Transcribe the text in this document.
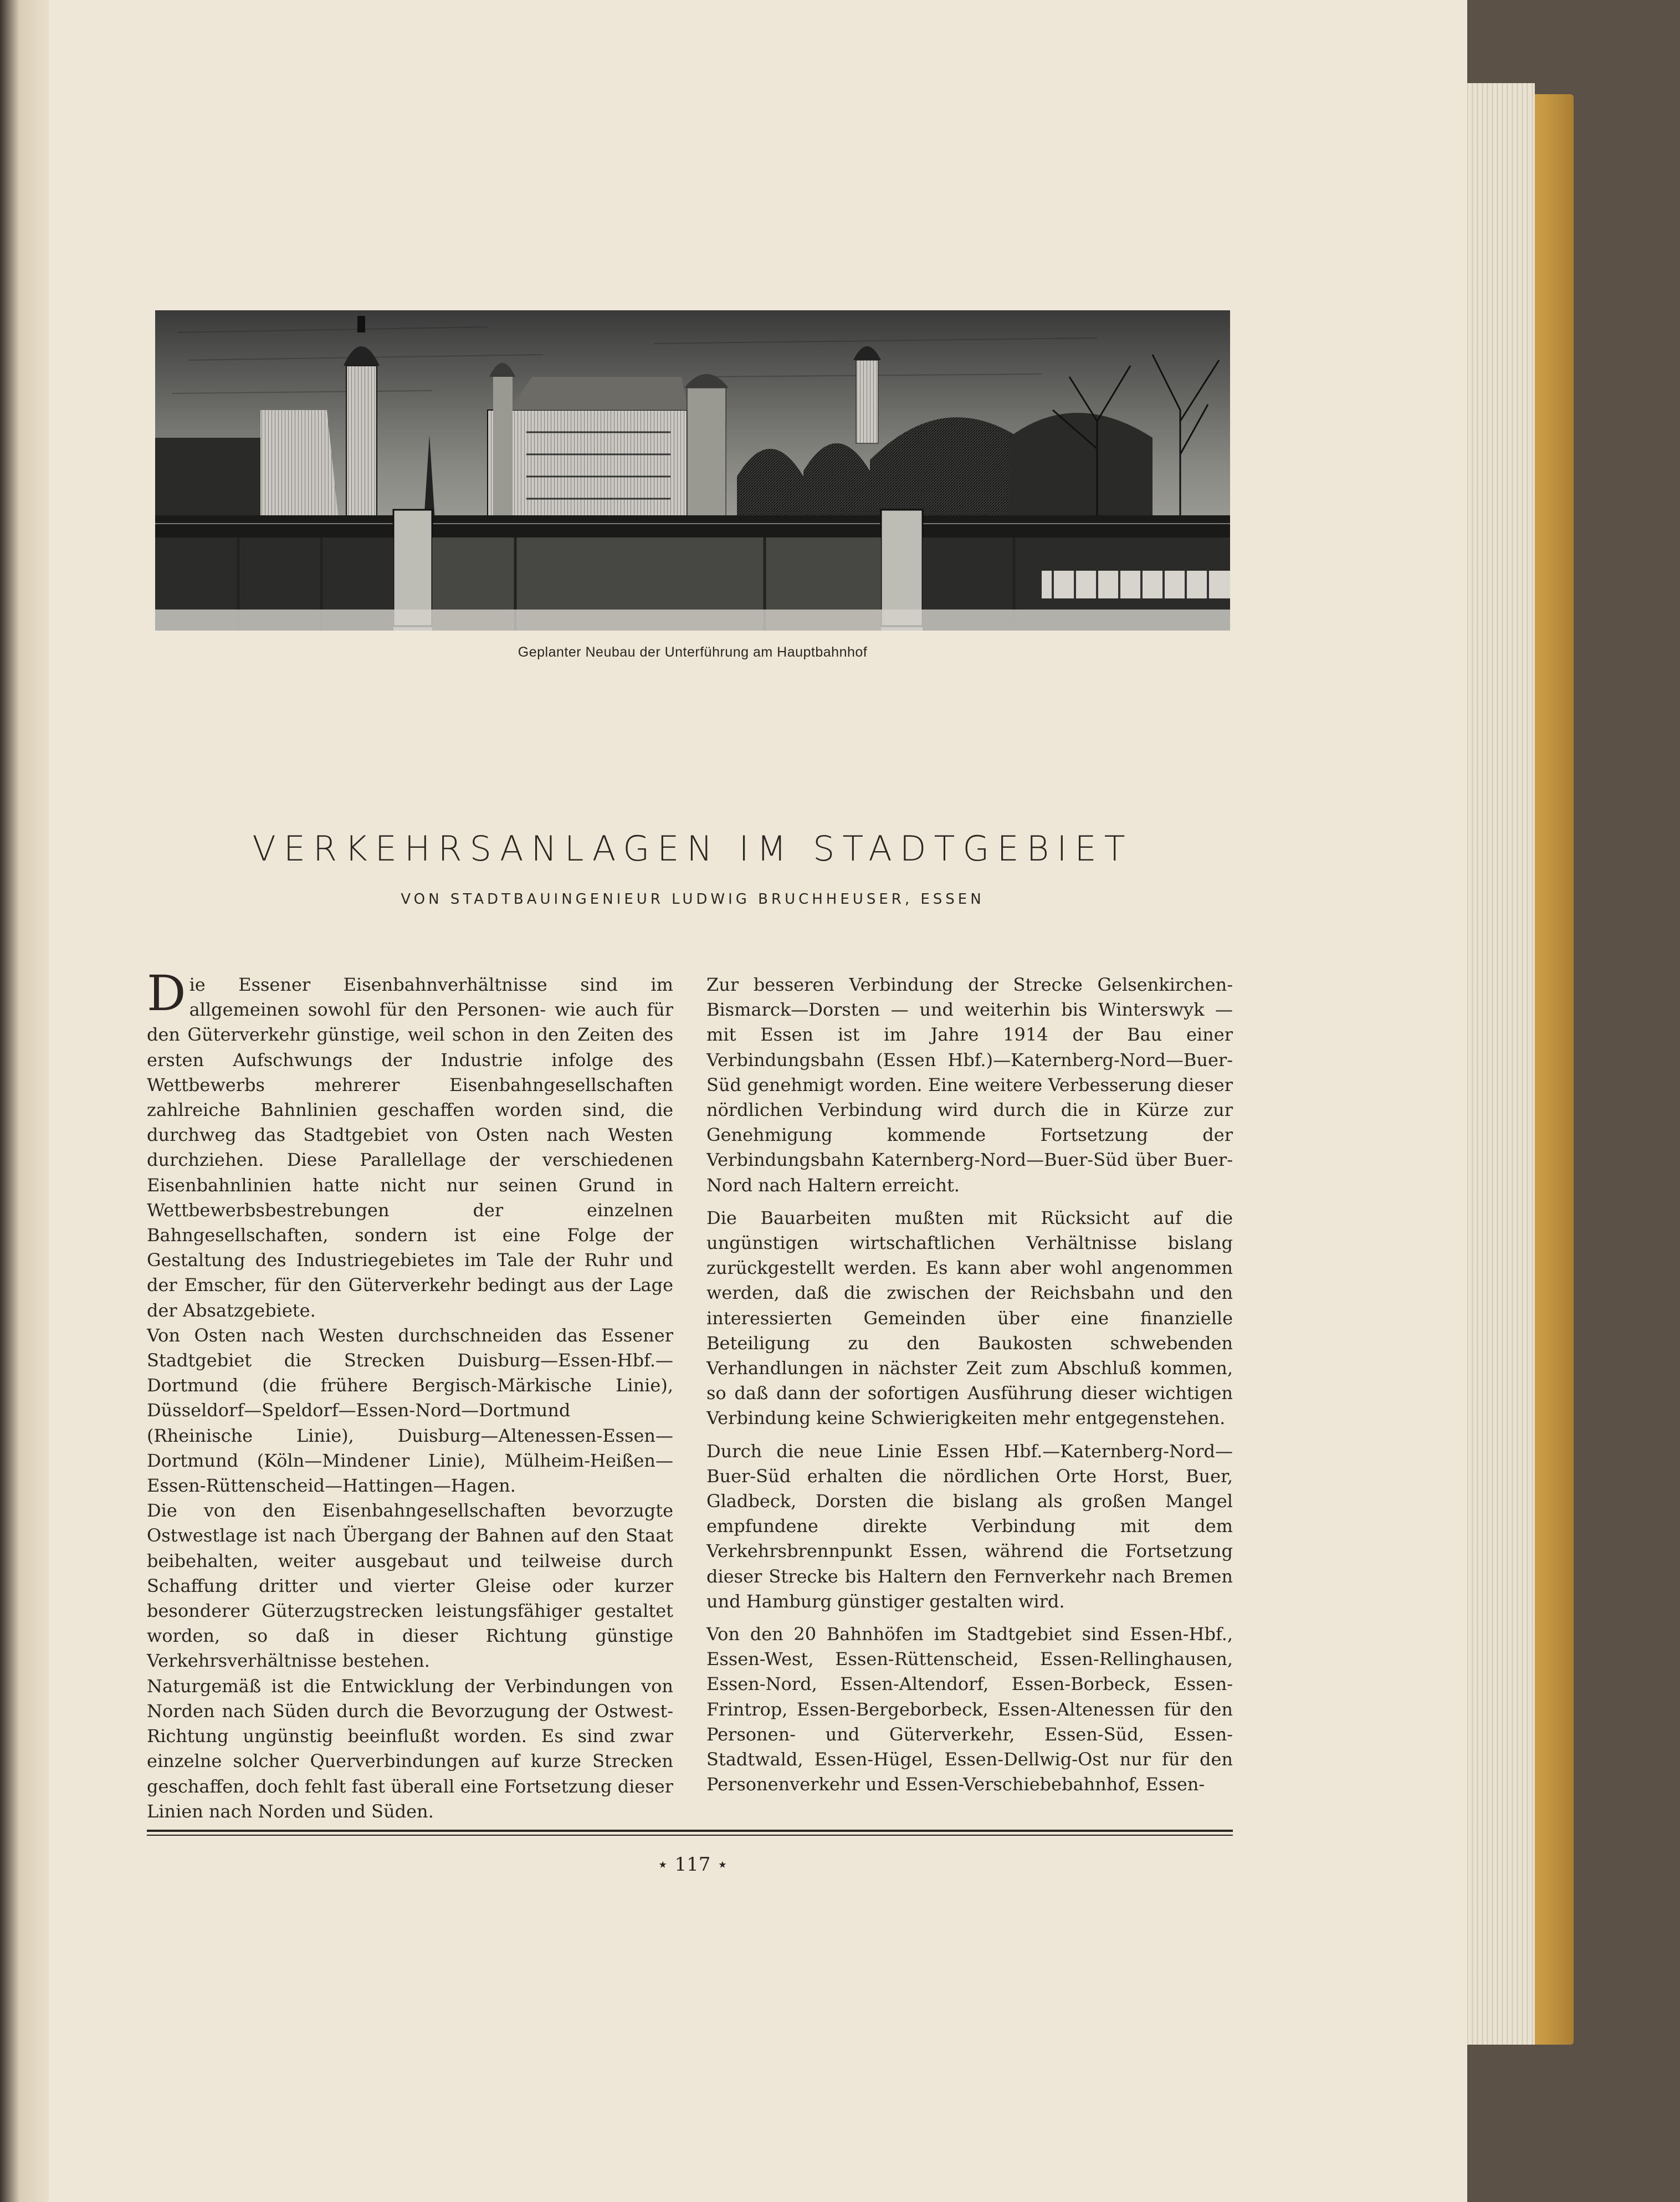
Geplanter Neubau der Unterführung am Hauptbahnhof
VERKEHRSANLAGEN IM STADTGEBIET
VON STADTBAUINGENIEUR LUDWIG BRUCHHEUSER, ESSEN

Die Essener Eisenbahnverhältnisse sind im allgemeinen sowohl für den Personen- wie auch für den Güterverkehr günstige, weil schon in den Zeiten des ersten Aufschwungs der Industrie infolge des Wettbewerbs mehrerer Eisenbahngesellschaften zahlreiche Bahnlinien geschaffen worden sind, die durchweg das Stadtgebiet von Osten nach Westen durchziehen. Diese Parallellage der verschiedenen Eisenbahnlinien hatte nicht nur seinen Grund in Wettbewerbsbestrebungen der einzelnen Bahngesellschaften, sondern ist eine Folge der Gestaltung des Industriegebietes im Tale der Ruhr und der Emscher, für den Güterverkehr bedingt aus der Lage der Absatzgebiete.

Von Osten nach Westen durchschneiden das Essener Stadtgebiet die Strecken Duisburg—Essen-Hbf.—Dortmund (die frühere Bergisch-Märkische Linie), Düsseldorf—Speldorf—Essen-Nord—Dortmund (Rheinische Linie), Duisburg—Altenessen-Essen—Dortmund (Köln—Mindener Linie), Mülheim-Heißen—Essen-Rüttenscheid—Hattingen—Hagen.

Die von den Eisenbahngesellschaften bevorzugte Ostwestlage ist nach Übergang der Bahnen auf den Staat beibehalten, weiter ausgebaut und teilweise durch Schaffung dritter und vierter Gleise oder kurzer besonderer Güterzugstrecken leistungsfähiger gestaltet worden, so daß in dieser Richtung günstige Verkehrsverhältnisse bestehen.

Naturgemäß ist die Entwicklung der Verbindungen von Norden nach Süden durch die Bevorzugung der Ostwest-Richtung ungünstig beeinflußt worden. Es sind zwar einzelne solcher Querverbindungen auf kurze Strecken geschaffen, doch fehlt fast überall eine Fortsetzung dieser Linien nach Norden und Süden.

Zur besseren Verbindung der Strecke Gelsenkirchen-Bismarck—Dorsten — und weiterhin bis Winterswyk — mit Essen ist im Jahre 1914 der Bau einer Verbindungsbahn (Essen Hbf.)—Katernberg-Nord—Buer-Süd genehmigt worden. Eine weitere Verbesserung dieser nördlichen Verbindung wird durch die in Kürze zur Genehmigung kommende Fortsetzung der Verbindungsbahn Katernberg-Nord—Buer-Süd über Buer-Nord nach Haltern erreicht.

Die Bauarbeiten mußten mit Rücksicht auf die ungünstigen wirtschaftlichen Verhältnisse bislang zurückgestellt werden. Es kann aber wohl angenommen werden, daß die zwischen der Reichsbahn und den interessierten Gemeinden über eine finanzielle Beteiligung zu den Baukosten schwebenden Verhandlungen in nächster Zeit zum Abschluß kommen, so daß dann der sofortigen Ausführung dieser wichtigen Verbindung keine Schwierigkeiten mehr entgegenstehen.

Durch die neue Linie Essen Hbf.—Katernberg-Nord—Buer-Süd erhalten die nördlichen Orte Horst, Buer, Gladbeck, Dorsten die bislang als großen Mangel empfundene direkte Verbindung mit dem Verkehrsbrennpunkt Essen, während die Fortsetzung dieser Strecke bis Haltern den Fernverkehr nach Bremen und Hamburg günstiger gestalten wird.

Von den 20 Bahnhöfen im Stadtgebiet sind Essen-Hbf., Essen-West, Essen-Rüttenscheid, Essen-Rellinghausen, Essen-Nord, Essen-Altendorf, Essen-Borbeck, Essen-Frintrop, Essen-Bergeborbeck, Essen-Altenessen für den Personen- und Güterverkehr, Essen-Süd, Essen-Stadtwald, Essen-Hügel, Essen-Dellwig-Ost nur für den Personenverkehr und Essen-Verschiebebahnhof, Essen-

⋆ 117 ⋆
